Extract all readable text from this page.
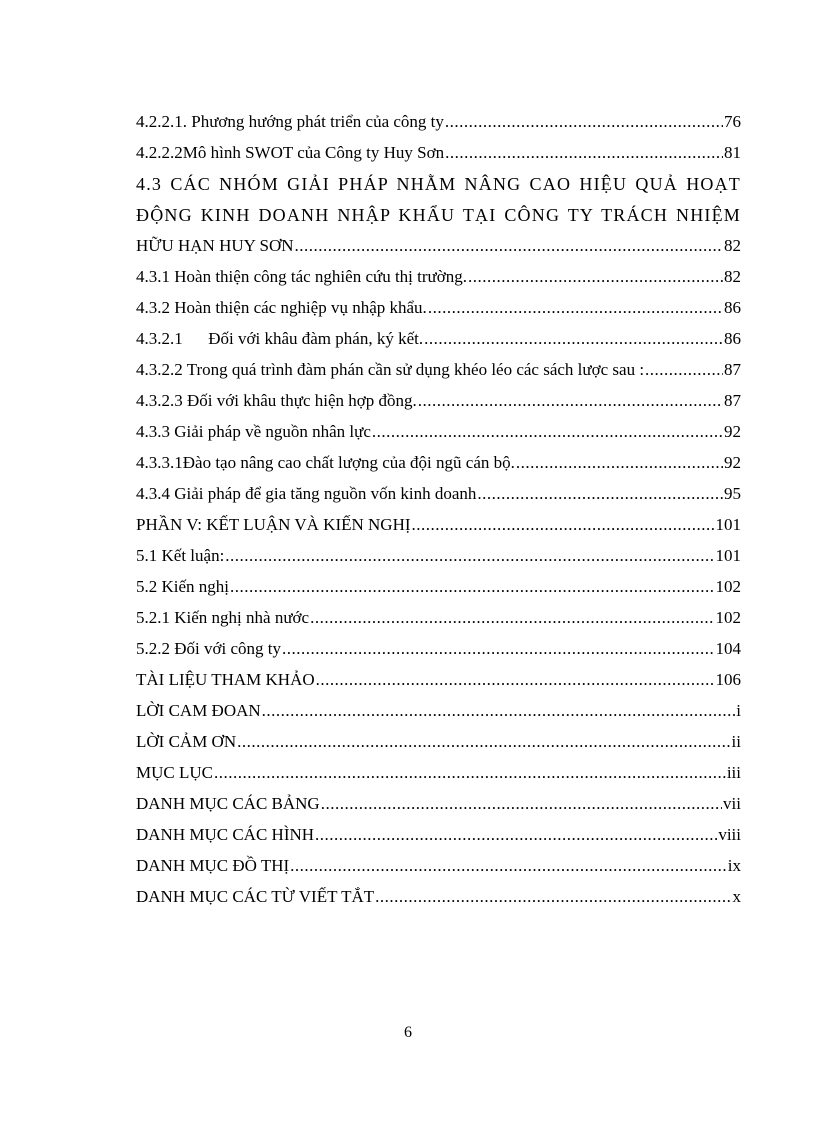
4.2.2.1. Phương hướng phát triển của công ty .....	76
4.2.2.2Mô hình SWOT của Công ty Huy Sơn .....	81
4.3 CÁC NHÓM GIẢI PHÁP NHẰM NÂNG CAO HIỆU QUẢ HOẠT
ĐỘNG KINH DOANH NHẬP KHẨU TẠI CÔNG TY TRÁCH NHIỆM
HỮU HẠN HUY SƠN .....	82
4.3.1 Hoàn thiện công tác nghiên cứu thị trường. .....	82
4.3.2 Hoàn thiện các nghiệp vụ nhập khẩu. .....	86
4.3.2.1      Đối với khâu đàm phán, ký kết. .....	86
4.3.2.2 Trong quá trình đàm phán cần sử dụng khéo léo các sách lược sau : .....	87
4.3.2.3 Đối với khâu thực hiện hợp đồng. .....	87
4.3.3 Giải pháp về nguồn nhân lực .....	92
4.3.3.1Đào tạo nâng cao chất lượng của đội ngũ cán bộ. .....	92
4.3.4 Giải pháp để gia tăng nguồn vốn kinh doanh .....	95
PHẦN V: KẾT LUẬN VÀ KIẾN NGHỊ .....	101
5.1 Kết luận: .....	101
5.2 Kiến nghị .....	102
5.2.1 Kiến nghị nhà nước .....	102
5.2.2 Đối với công ty .....	104
TÀI LIỆU THAM KHẢO .....	106
LỜI CAM ĐOAN .....	i
LỜI CẢM ƠN .....	ii
MỤC LỤC .....	iii
DANH MỤC CÁC BẢNG .....	vii
DANH MỤC CÁC HÌNH .....	viii
DANH MỤC ĐỒ THỊ .....	ix
DANH MỤC CÁC TỪ VIẾT TẮT .....	x
6
